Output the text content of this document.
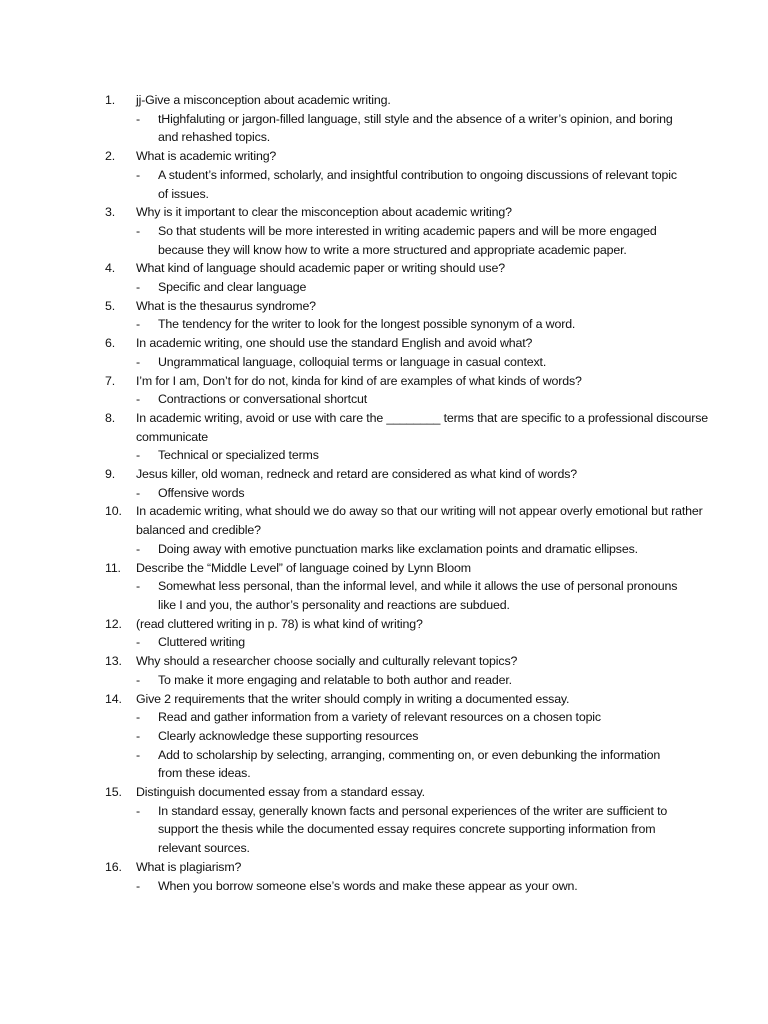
1.	jj-Give a misconception about academic writing.
- tHighfaluting or jargon-filled language, still style and the absence of a writer’s opinion, and boring and rehashed topics.
2.	What is academic writing?
- A student’s informed, scholarly, and insightful contribution to ongoing discussions of relevant topic of issues.
3.	Why is it important to clear the misconception about academic writing?
- So that students will be more interested in writing academic papers and will be more engaged because they will know how to write a more structured and appropriate academic paper.
4.	What kind of language should academic paper or writing should use?
- Specific and clear language
5.	What is the thesaurus syndrome?
- The tendency for the writer to look for the longest possible synonym of a word.
6.	In academic writing, one should use the standard English and avoid what?
- Ungrammatical language, colloquial terms or language in casual context.
7.	I’m for I am, Don’t for do not, kinda for kind of are examples of what kinds of words?
- Contractions or conversational shortcut
8.	In academic writing, avoid or use with care the ________ terms that are specific to a professional discourse communicate
- Technical or specialized terms
9.	Jesus killer, old woman, redneck and retard are considered as what kind of words?
- Offensive words
10.	In academic writing, what should we do away so that our writing will not appear overly emotional but rather balanced and credible?
- Doing away with emotive punctuation marks like exclamation points and dramatic ellipses.
11.	Describe the “Middle Level” of language coined by Lynn Bloom
- Somewhat less personal, than the informal level, and while it allows the use of personal pronouns like I and you, the author’s personality and reactions are subdued.
12.	(read cluttered writing in p. 78) is what kind of writing?
- Cluttered writing
13.	Why should a researcher choose socially and culturally relevant topics?
- To make it more engaging and relatable to both author and reader.
14.	Give 2 requirements that the writer should comply in writing a documented essay.
- Read and gather information from a variety of relevant resources on a chosen topic
- Clearly acknowledge these supporting resources
- Add to scholarship by selecting, arranging, commenting on, or even debunking the information from these ideas.
15.	Distinguish documented essay from a standard essay.
- In standard essay, generally known facts and personal experiences of the writer are sufficient to support the thesis while the documented essay requires concrete supporting information from relevant sources.
16.	What is plagiarism?
- When you borrow someone else’s words and make these appear as your own.
